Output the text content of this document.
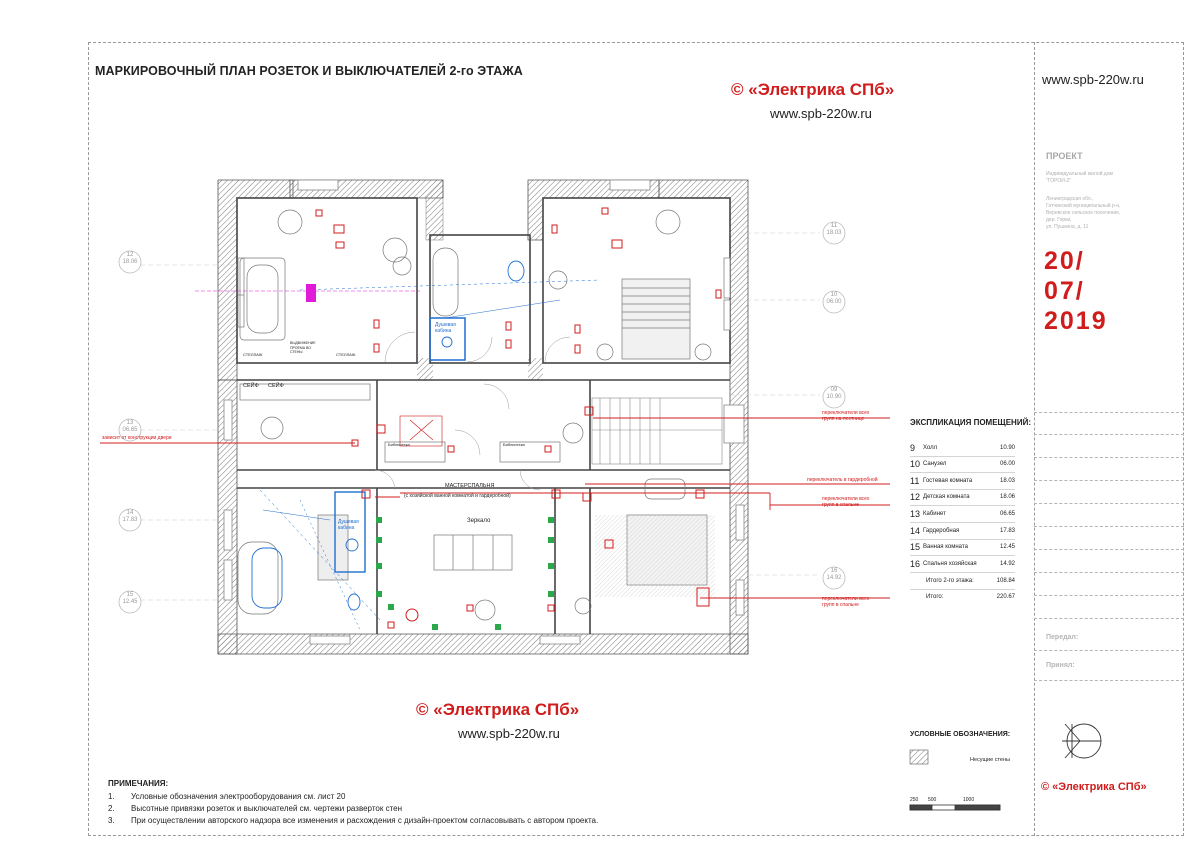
МАРКИРОВОЧНЫЙ ПЛАН РОЗЕТОК И ВЫКЛЮЧАТЕЛЕЙ 2-го ЭТАЖА
© «Электрика СПб»
www.spb-220w.ru
переключатели всех
групп на лестнице
переключатель в гардеробной
переключатели всех
групп в спальне
переключатели всех
групп в спальне
зависит от конструкции двери
МАСТЕРСПАЛЬНЯ
(с хозяйской ванной комнатой и гардеробной)
Зеркало
Душевая
кабина
Душевая
кабина
СЕЙФ СЕЙФ
Библиотека	Библиотека
СТЕЛЛАЖ	СТЕЛЛАЖ
ВЫДВИЖЕНИЕ
ПРОЁМА ВО
СТЕНЫ
12
18.06
11
18.03
10
06.00
09
10.90
13
06.65
14
17.83
16
14.92
15
12.45
© «Электрика СПб»
www.spb-220w.ru
ПРИМЕЧАНИЯ:
1. Условные обозначения электрооборудования см. лист 20
2. Высотные привязки розеток и выключателей см. чертежи разверток стен
3. При осуществлении авторского надзора все изменения и расхождения с дизайн-проектом согласовывать с автором проекта.
ЭКСПЛИКАЦИЯ ПОМЕЩЕНИЙ:
9 Холл	10.90
10 Санузел	06.00
11 Гостевая комната	18.03
12 Детская комната	18.06
13 Кабинет	06.65
14 Гардеробная	17.83
15 Ванная комната	12.45
16 Спальня хозяйская	14.92
Итого 2-го этажа:	108.84
Итого:	220.67
УСЛОВНЫЕ ОБОЗНАЧЕНИЯ:
Несущие стены
250 500	1000
www.spb-220w.ru
ПРОЕКТ
Индивидуальный жилой дом
"ГОРОИ-2"
Ленинградская обл.,
Гатчинский муниципальный р-н,
Веревское сельское поселение,
дер. Горки,
ул. Пушкина, д. 11
20/
07/
2019
Передал:
Принял:
© «Электрика СПб»
